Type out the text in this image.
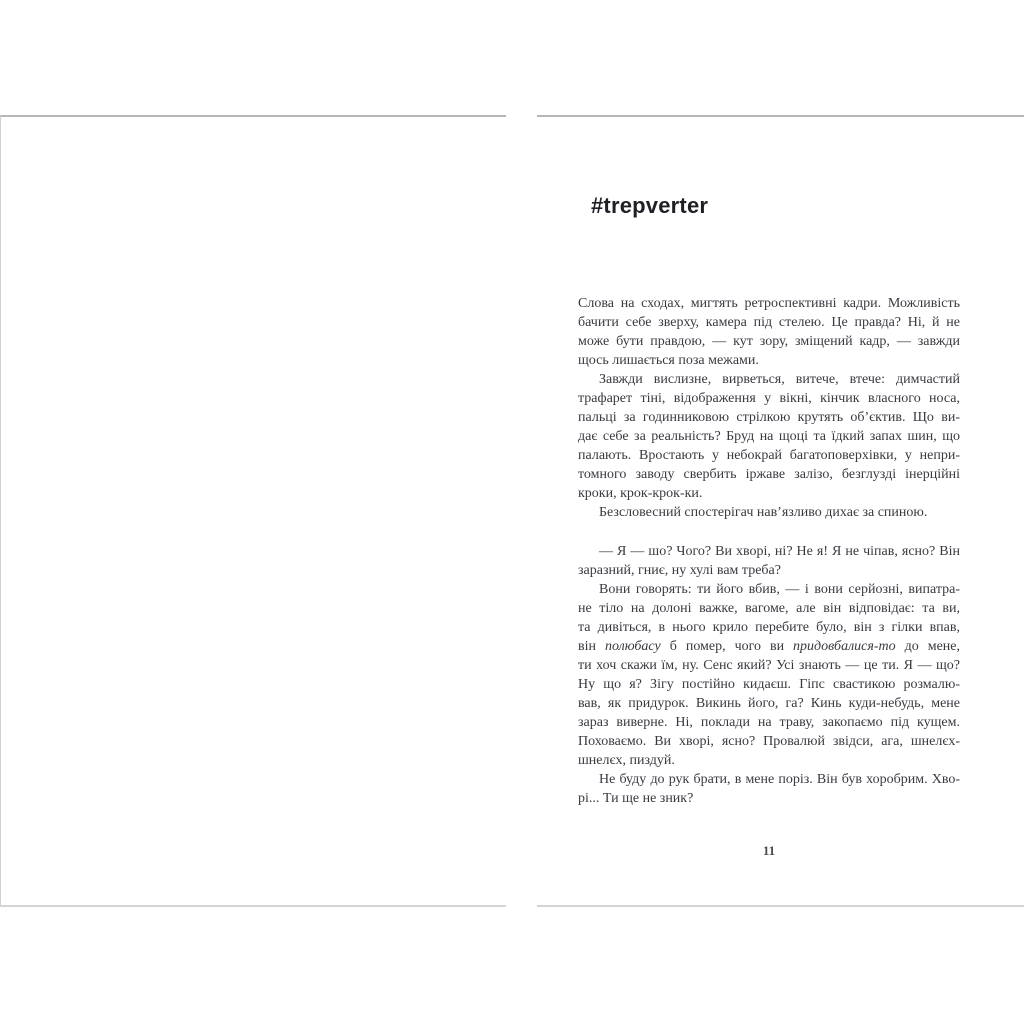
#trepverter
Слова на сходах, мигтять ретроспективні кадри. Можливість
бачити себе зверху, камера під стелею. Це правда? Ні, й не
може бути правдою, — кут зору, зміщений кадр, — завжди
щось лишається поза межами.
Завжди вислизне, вирветься, витече, втече: димчастий
трафарет тіні, відображення у вікні, кінчик власного носа,
пальці за годинниковою стрілкою крутять об’єктив. Що ви-
дає себе за реальність? Бруд на щоці та їдкий запах шин, що
палають. Вростають у небокрай багатоповерхівки, у непри-
томного заводу свербить іржаве залізо, безглузді інерційні
кроки, крок-крок-ки.
Безсловесний спостерігач нав’язливо дихає за спиною.
— Я — шо? Чого? Ви хворі, ні? Не я! Я не чіпав, ясно? Він
заразний, гниє, ну хулі вам треба?
Вони говорять: ти його вбив, — і вони серйозні, випатра-
не тіло на долоні важке, вагоме, але він відповідає: та ви,
та дивіться, в нього крило перебите було, він з гілки впав,
він полюбасу б помер, чого ви придовбалися-то до мене,
ти хоч скажи їм, ну. Сенс який? Усі знають — це ти. Я — що?
Ну що я? Зігу постійно кидаєш. Гіпс свастикою розмалю-
вав, як придурок. Викинь його, га? Кинь куди-небудь, мене
зараз виверне. Ні, поклади на траву, закопаємо під кущем.
Поховаємо. Ви хворі, ясно? Провалюй звідси, ага, шнелєх-
шнелєх, пиздуй.
Не буду до рук брати, в мене поріз. Він був хоробрим. Хво-
рі... Ти ще не зник?
11
